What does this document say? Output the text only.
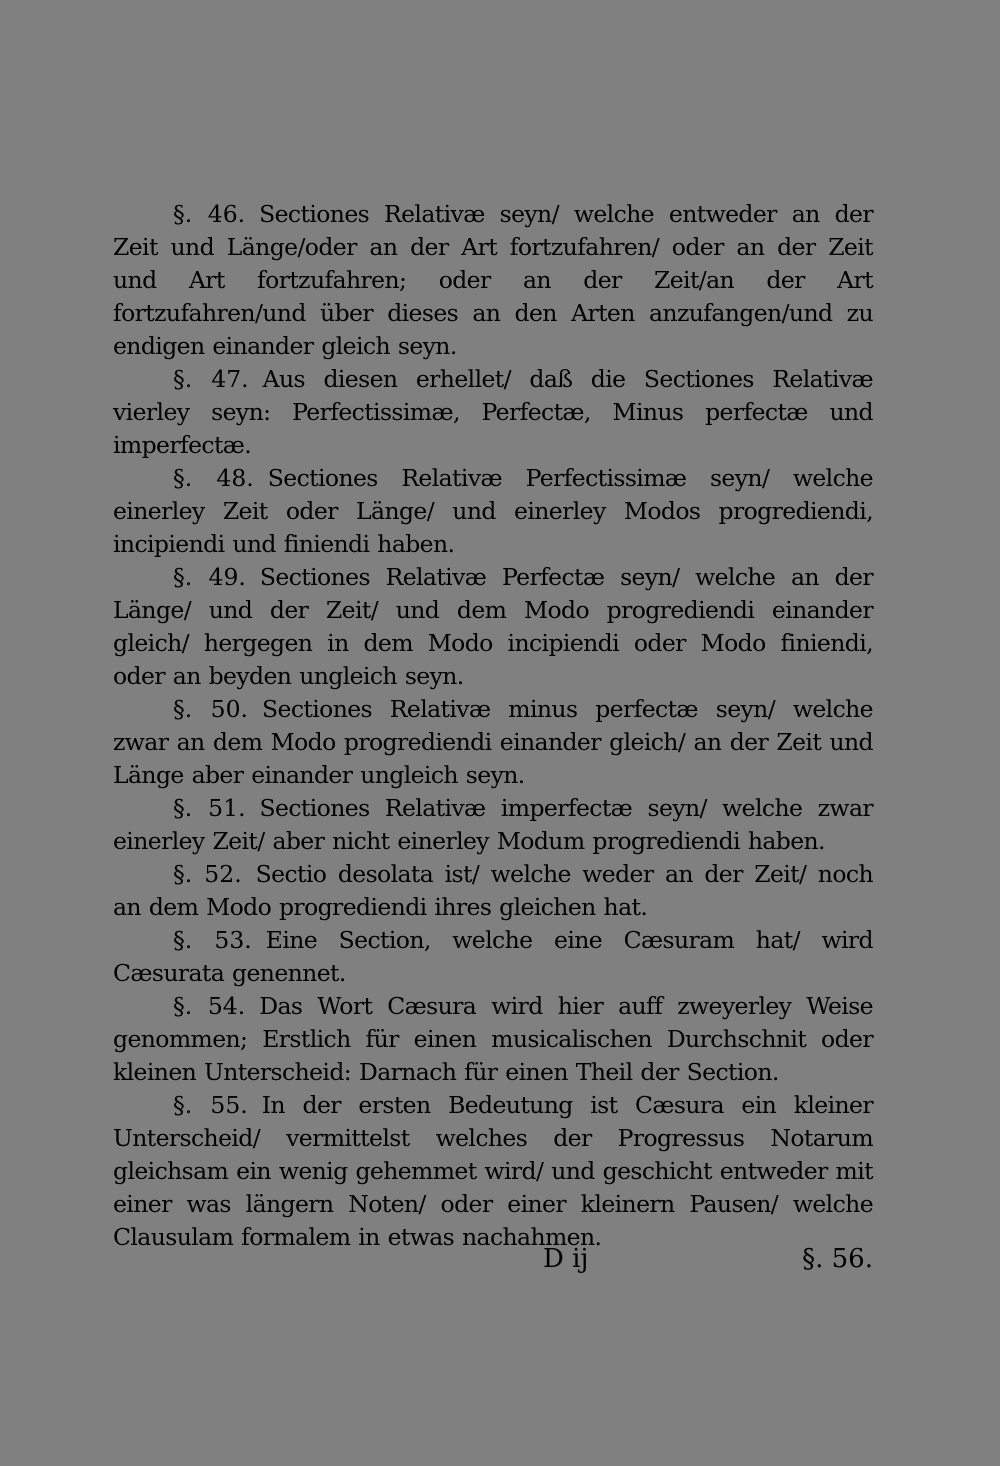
§. 46. Sectiones Relativæ seyn/ welche entweder an der Zeit und Länge/oder an der Art fortzufahren/ oder an der Zeit und Art fortzufahren; oder an der Zeit/an der Art fortzufahren/und über dieses an den Arten anzufangen/und zu endigen einander gleich seyn.

§. 47. Aus diesen erhellet/ daß die Sectiones Relativæ vierley seyn: Perfectissimæ, Perfectæ, Minus perfectæ und imperfectæ.

§. 48. Sectiones Relativæ Perfectissimæ seyn/ welche einerley Zeit oder Länge/ und einerley Modos progrediendi, incipiendi und finiendi haben.

§. 49. Sectiones Relativæ Perfectæ seyn/ welche an der Länge/ und der Zeit/ und dem Modo progrediendi einander gleich/ hergegen in dem Modo incipiendi oder Modo finiendi, oder an beyden ungleich seyn.

§. 50. Sectiones Relativæ minus perfectæ seyn/ welche zwar an dem Modo progrediendi einander gleich/ an der Zeit und Länge aber einander ungleich seyn.

§. 51. Sectiones Relativæ imperfectæ seyn/ welche zwar einerley Zeit/ aber nicht einerley Modum progrediendi haben.

§. 52. Sectio desolata ist/ welche weder an der Zeit/ noch an dem Modo progrediendi ihres gleichen hat.

§. 53. Eine Section, welche eine Cæsuram hat/ wird Cæsurata genennet.

§. 54. Das Wort Cæsura wird hier auff zweyerley Weise genommen; Erstlich für einen musicalischen Durchschnit oder kleinen Unterscheid: Darnach für einen Theil der Section.

§. 55. In der ersten Bedeutung ist Cæsura ein kleiner Unterscheid/ vermittelst welches der Progressus Notarum gleichsam ein wenig gehemmet wird/ und geschicht entweder mit einer was längern Noten/ oder einer kleinern Pausen/ welche Clausulam formalem in etwas nachahmen.

D ij	§. 56.
